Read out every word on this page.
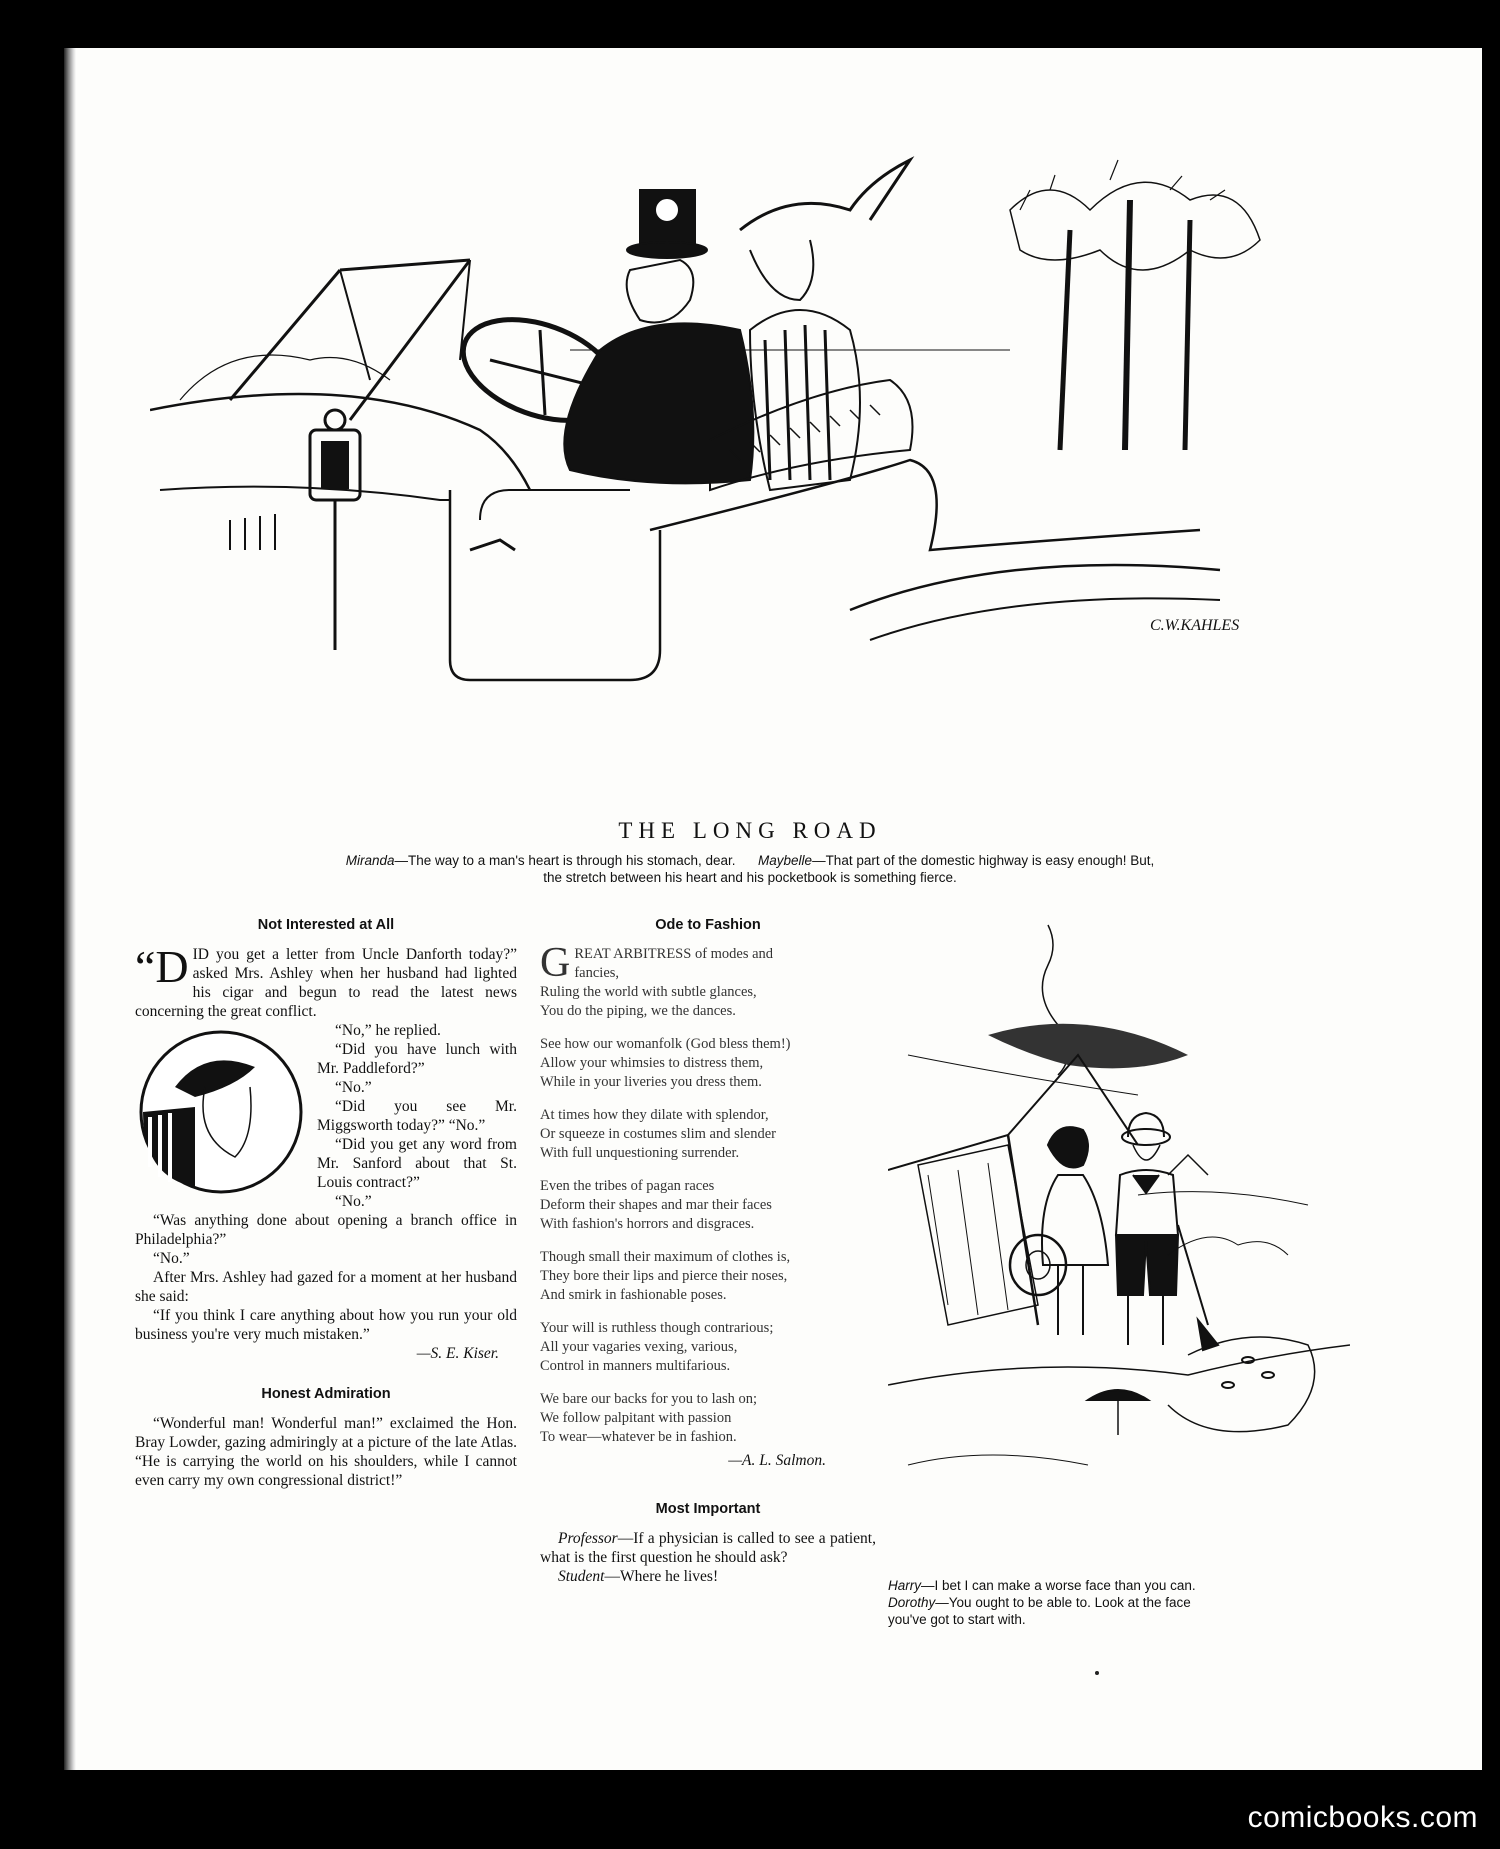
C.W.KAHLES
THE LONG ROAD
Miranda—The way to a man's heart is through his stomach, dear. Maybelle—That part of the domestic highway is easy enough! But,
the stretch between his heart and his pocketbook is something fierce.
Not Interested at All
“D ID you get a letter from Uncle Danforth today?” asked Mrs. Ashley when her husband had lighted his cigar and begun to read the latest news concerning the great conflict.

“No,” he replied.

“Did you have lunch with Mr. Paddleford?”

“No.”

“Did you see Mr. Miggsworth today?” “No.”

“Did you get any word from Mr. Sanford about that St. Louis contract?”

“No.”

“Was anything done about opening a branch office in Philadelphia?”

“No.”

After Mrs. Ashley had gazed for a moment at her husband she said:

“If you think I care anything about how you run your old business you're very much mistaken.”

—S. E. Kiser.

Honest Admiration

“Wonderful man! Wonderful man!” exclaimed the Hon. Bray Lowder, gazing admiringly at a picture of the late Atlas. “He is carrying the world on his shoulders, while I cannot even carry my own congressional district!”

Ode to Fashion
G REAT ARBITRESS of modes and
fancies,
Ruling the world with subtle glances,
You do the piping, we the dances.
See how our womanfolk (God bless them!)
Allow your whimsies to distress them,
While in your liveries you dress them.
At times how they dilate with splendor,
Or squeeze in costumes slim and slender
With full unquestioning surrender.
Even the tribes of pagan races
Deform their shapes and mar their faces
With fashion's horrors and disgraces.
Though small their maximum of clothes is,
They bore their lips and pierce their noses,
And smirk in fashionable poses.
Your will is ruthless though contrarious;
All your vagaries vexing, various,
Control in manners multifarious.
We bare our backs for you to lash on;
We follow palpitant with passion
To wear—whatever be in fashion.
—A. L. Salmon.
Most Important

Professor—If a physician is called to see a patient, what is the first question he should ask?

Student—Where he lives!

Harry—I bet I can make a worse face than you can.
Dorothy—You ought to be able to. Look at the face
you've got to start with.
comicbooks.com
